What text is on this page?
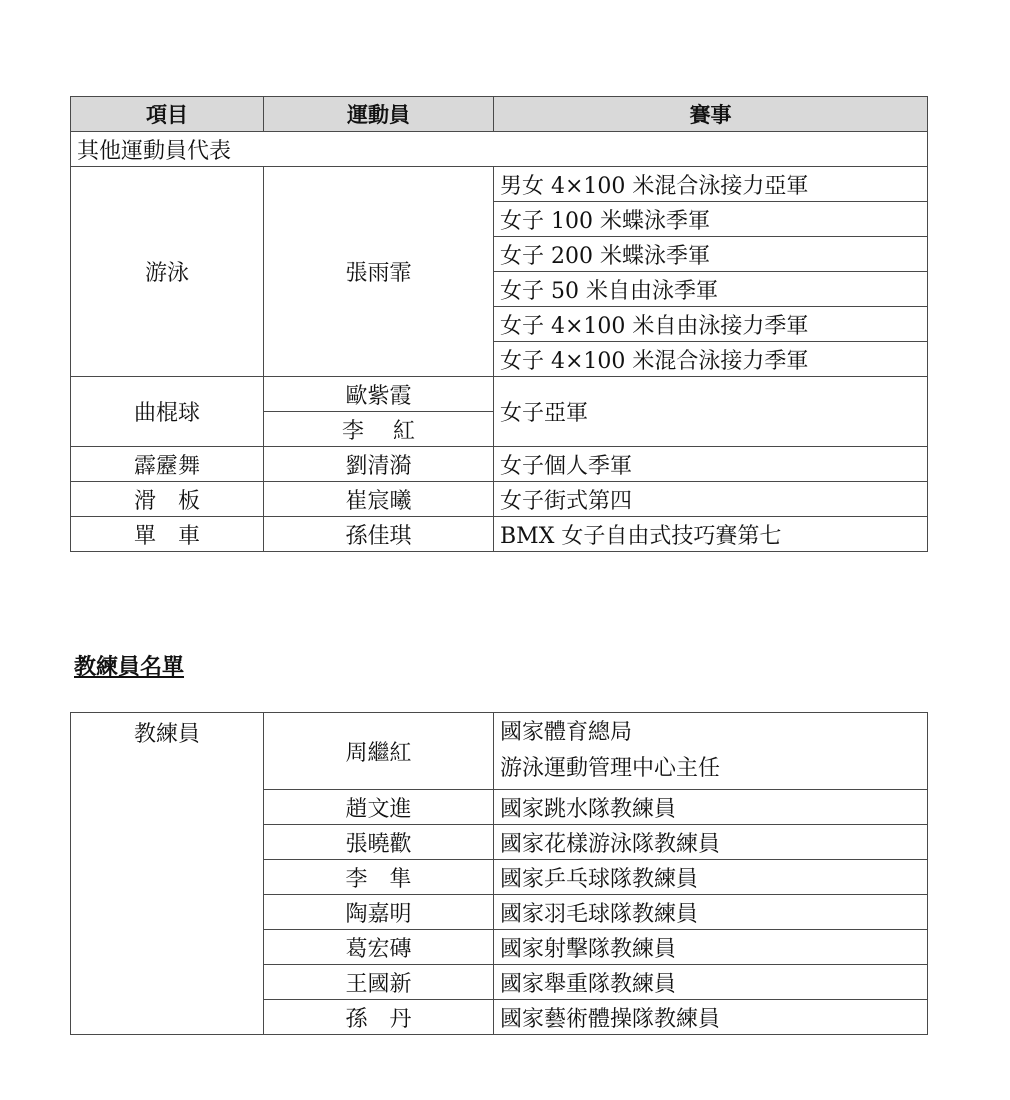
項目	運動員	賽事
其他運動員代表		
游泳	張雨霏	男女 4×100 米混合泳接力亞軍
		女子 100 米蝶泳季軍
		女子 200 米蝶泳季軍
		女子 50 米自由泳季軍
		女子 4×100 米自由泳接力季軍
		女子 4×100 米混合泳接力季軍
曲棍球	歐紫霞	女子亞軍
	李　 紅	
霹靂舞	劉清漪	女子個人季軍
滑　板	崔宸曦	女子街式第四
單　車	孫佳琪	BMX 女子自由式技巧賽第七
教練員名單
教練員	周繼紅	國家體育總局
游泳運動管理中心主任

	趙文進	國家跳水隊教練員
	張曉歡	國家花樣游泳隊教練員
	李　隼	國家乒乓球隊教練員
	陶嘉明	國家羽毛球隊教練員
	葛宏磚	國家射擊隊教練員
	王國新	國家舉重隊教練員
	孫　丹	國家藝術體操隊教練員
